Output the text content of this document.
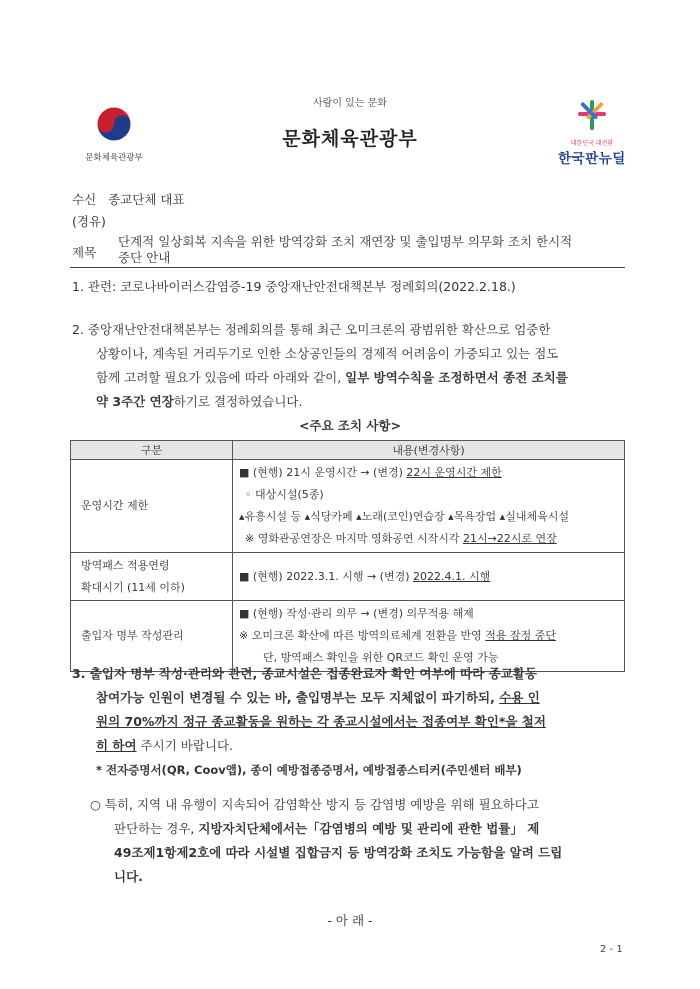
사람이 있는 문화
문화체육관광부
문화체육관광부	대한민국 대전환
한국판뉴딜
수신 종교단체 대표
(경유)
제목
단계적 일상회복 지속을 위한 방역강화 조치 재연장 및 출입명부 의무화 조치 한시적
중단 안내
1. 관련: 코로나바이러스감염증-19 중앙재난안전대책본부 정례회의(2022.2.18.)
2. 중앙재난안전대책본부는 정례회의를 통해 최근 오미크론의 광범위한 확산으로 엄중한
상황이나, 계속된 거리두기로 인한 소상공인들의 경제적 어려움이 가중되고 있는 점도
함께 고려할 필요가 있음에 따라 아래와 같이, 일부 방역수칙을 조정하면서 종전 조치를
약 3주간 연장하기로 결정하였습니다.
<주요 조치 사항>
구분	내용(변경사항)
운영시간 제한	■ (현행) 21시 운영시간 → (변경) 22시 운영시간 제한
◦ 대상시설(5종)
▴유흥시설 등 ▴식당카페 ▴노래(코인)연습장 ▴목욕장업 ▴실내체육시설
※ 영화관공연장은 마지막 영화공연 시작시각 21시→22시로 연장

방역패스 적용연령
확대시기 (11세 이하)	■ (현행) 2022.3.1. 시행 → (변경) 2022.4.1. 시행
출입자 명부 작성관리	■ (현행) 작성·관리 의무 → (변경) 의무적용 해제
※ 오미크론 확산에 따른 방역의료체계 전환을 반영 적용 잠정 중단
단, 방역패스 확인을 위한 QR코드 확인 운영 가능
3. 출입자 명부 작성·관리와 관련, 종교시설은 접종완료자 확인 여부에 따라 종교활동
참여가능 인원이 변경될 수 있는 바, 출입명부는 모두 지체없이 파기하되, 수용 인
원의 70%까지 정규 종교활동을 원하는 각 종교시설에서는 접종여부 확인*을 철저
히 하여 주시기 바랍니다.
* 전자증명서(QR, Coov앱), 종이 예방접종증명서, 예방접종스티커(주민센터 배부)
○ 특히, 지역 내 유행이 지속되어 감염확산 방지 등 감염병 예방을 위해 필요하다고
판단하는 경우, 지방자치단체에서는「감염병의 예방 및 관리에 관한 법률」 제
49조제1항제2호에 따라 시설별 집합금지 등 방역강화 조치도 가능함을 알려 드립
니다.
- 아 래 -
2 - 1
